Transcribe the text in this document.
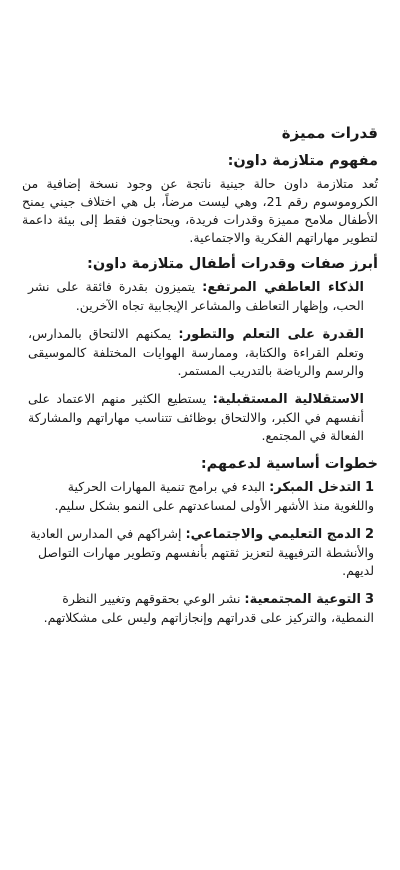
قدرات مميزة
مفهوم متلازمة داون:
تُعد متلازمة داون حالة جينية ناتجة عن وجود نسخة إضافية من الكروموسوم رقم 21، وهي ليست مرضاً، بل هي اختلاف جيني يمنح الأطفال ملامح مميزة وقدرات فريدة، ويحتاجون فقط إلى بيئة داعمة لتطوير مهاراتهم الفكرية والاجتماعية.
أبرز صفات وقدرات أطفال متلازمة داون:
الذكاء العاطفي المرتفع: يتميزون بقدرة فائقة على نشر الحب، وإظهار التعاطف والمشاعر الإيجابية تجاه الآخرين.
القدرة على التعلم والتطور: يمكنهم الالتحاق بالمدارس، وتعلم القراءة والكتابة، وممارسة الهوايات المختلفة كالموسيقى والرسم والرياضة بالتدريب المستمر.
الاستقلالية المستقبلية: يستطيع الكثير منهم الاعتماد على أنفسهم في الكبر، والالتحاق بوظائف تتناسب مهاراتهم والمشاركة الفعالة في المجتمع.
خطوات أساسية لدعمهم:
1 التدخل المبكر: البدء في برامج تنمية المهارات الحركية واللغوية منذ الأشهر الأولى لمساعدتهم على النمو بشكل سليم.
2 الدمج التعليمي والاجتماعي: إشراكهم في المدارس العادية والأنشطة الترفيهية لتعزيز ثقتهم بأنفسهم وتطوير مهارات التواصل لديهم.
3 التوعية المجتمعية: نشر الوعي بحقوقهم وتغيير النظرة النمطية، والتركيز على قدراتهم وإنجازاتهم وليس على مشكلاتهم.
